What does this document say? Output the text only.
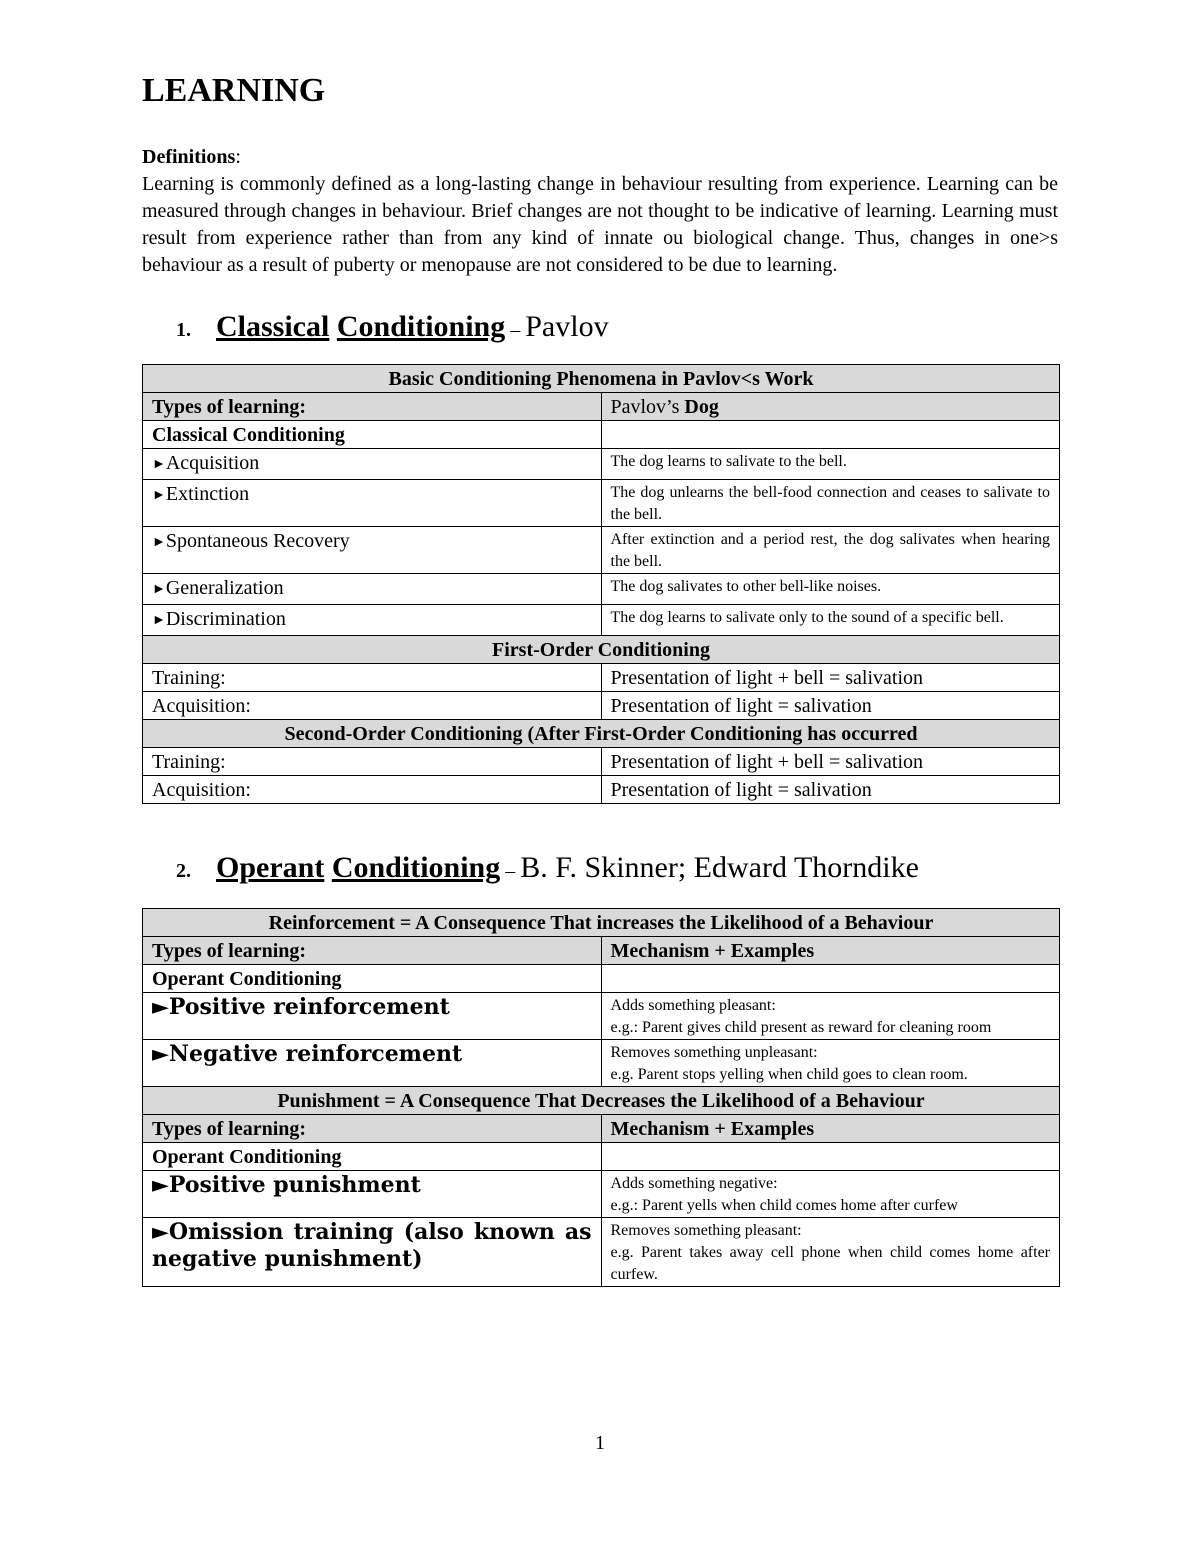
LEARNING
Definitions:

Learning is commonly defined as a long-lasting change in behaviour resulting from experience. Learning can be measured through changes in behaviour. Brief changes are not thought to be indicative of learning. Learning must result from experience rather than from any kind of innate ou biological change. Thus, changes in one>s behaviour as a result of puberty or menopause are not considered to be due to learning.

1. Classical Conditioning – Pavlov
Basic Conditioning Phenomena in Pavlov<s Work	
Types of learning:	Pavlov’s Dog
Classical Conditioning	
►Acquisition	The dog learns to salivate to the bell.
►Extinction	The dog unlearns the bell-food connection and ceases to salivate to the bell.
►Spontaneous Recovery	After extinction and a period rest, the dog salivates when hearing the bell.
►Generalization	The dog salivates to other bell-like noises.
►Discrimination	The dog learns to salivate only to the sound of a specific bell.
First-Order Conditioning	
Training:	Presentation of light + bell = salivation
Acquisition:	Presentation of light = salivation
Second-Order Conditioning (After First-Order Conditioning has occurred	
Training:	Presentation of light + bell = salivation
Acquisition:	Presentation of light = salivation
2. Operant Conditioning – B. F. Skinner; Edward Thorndike
Reinforcement = A Consequence That increases the Likelihood of a Behaviour	
Types of learning:	Mechanism + Examples
Operant Conditioning	
►Positive reinforcement	Adds something pleasant:
e.g.: Parent gives child present as reward for cleaning room

►Negative reinforcement	Removes something unpleasant:
e.g. Parent stops yelling when child goes to clean room.

Punishment = A Consequence That Decreases the Likelihood of a Behaviour	
Types of learning:	Mechanism + Examples
Operant Conditioning	
►Positive punishment	Adds something negative:
e.g.: Parent yells when child comes home after curfew

►Omission training (also known as negative punishment)	Removes something pleasant:
e.g. Parent takes away cell phone when child comes home after curfew.
1
